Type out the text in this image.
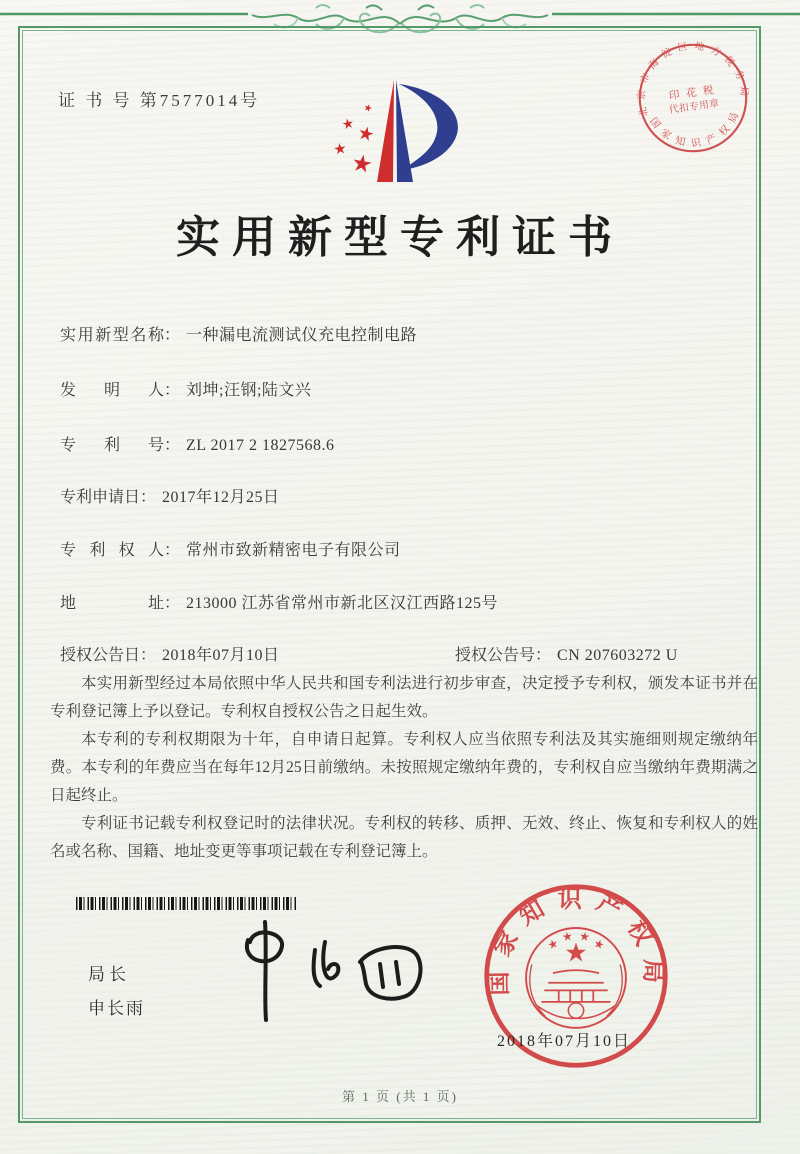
证 书 号 第7577014号	北京市海淀区地方税务局
国家知识产权局
印 花 税
代扣专用章
实用新型专利证书
实用新型名称： 一种漏电流测试仪充电控制电路
发明人： 刘坤;汪钢;陆文兴
专利号： ZL 2017 2 1827568.6
专利申请日： 2017年12月25日
专利权人： 常州市致新精密电子有限公司
地址： 213000 江苏省常州市新北区汉江西路125号
授权公告日： 2018年07月10日	授权公告号： CN 207603272 U

本实用新型经过本局依照中华人民共和国专利法进行初步审查，决定授予专利权，颁发本证书并在专利登记簿上予以登记。专利权自授权公告之日起生效。

本专利的专利权期限为十年，自申请日起算。专利权人应当依照专利法及其实施细则规定缴纳年费。本专利的年费应当在每年12月25日前缴纳。未按照规定缴纳年费的，专利权自应当缴纳年费期满之日起终止。

专利证书记载专利权登记时的法律状况。专利权的转移、质押、无效、终止、恢复和专利权人的姓名或名称、国籍、地址变更等事项记载在专利登记簿上。

局长
申长雨
国家知识产权局
2018年07月10日
第 1 页 (共 1 页)
